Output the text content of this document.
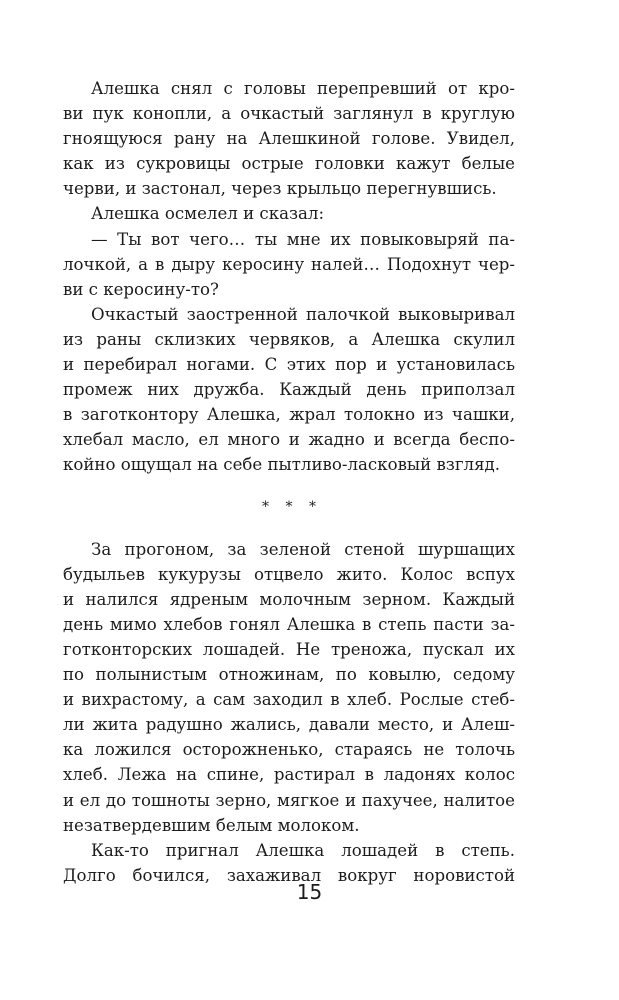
Алешка снял с головы перепревший от кро-
ви пук конопли, а очкастый заглянул в круглую
гноящуюся рану на Алешкиной голове. Увидел,
как из сукровицы острые головки кажут белые
черви, и застонал, через крыльцо перегнувшись.
Алешка осмелел и сказал:
— Ты вот чего… ты мне их повыковыряй па-
лочкой, а в дыру керосину налей… Подохнут чер-
ви с керосину-то?
Очкастый заостренной палочкой выковыривал
из раны склизких червяков, а Алешка скулил
и перебирал ногами. С этих пор и установилась
промеж них дружба. Каждый день приползал
в заготконтору Алешка, жрал толокно из чашки,
хлебал масло, ел много и жадно и всегда беспо-
койно ощущал на себе пытливо-ласковый взгляд.
* * *
За прогоном, за зеленой стеной шуршащих
будыльев кукурузы отцвело жито. Колос вспух
и налился ядреным молочным зерном. Каждый
день мимо хлебов гонял Алешка в степь пасти за-
готконторских лошадей. Не треножа, пускал их
по полынистым отножинам, по ковылю, седому
и вихрастому, а сам заходил в хлеб. Рослые стеб-
ли жита радушно жались, давали место, и Алеш-
ка ложился осторожненько, стараясь не толочь
хлеб. Лежа на спине, растирал в ладонях колос
и ел до тошноты зерно, мягкое и пахучее, налитое
незатвердевшим белым молоком.
Как-то пригнал Алешка лошадей в степь.
Долго бочился, захаживал вокруг норовистой
15
